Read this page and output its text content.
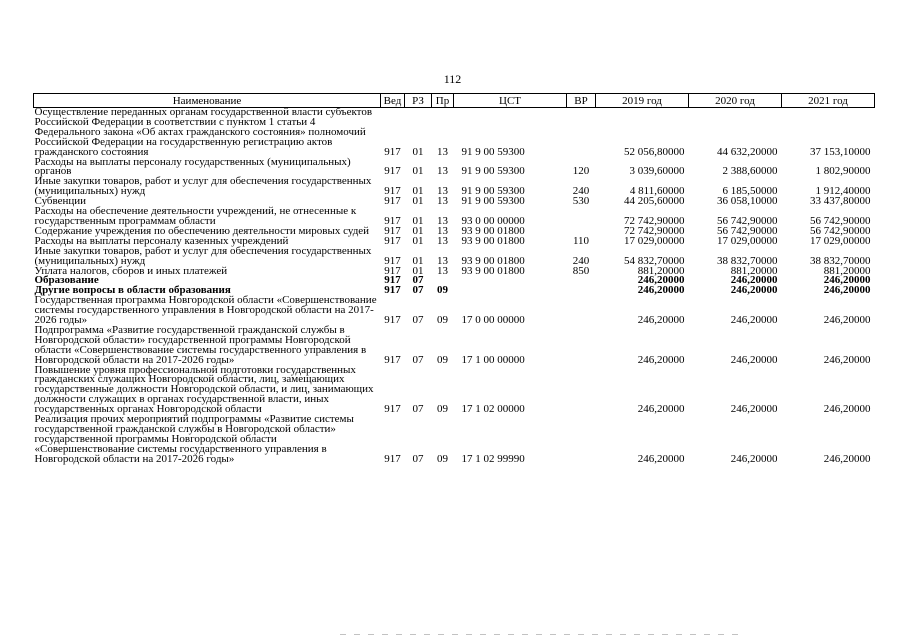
112
Наименование	Вед	РЗ	Пр	ЦСТ	ВР	2019 год	2020 год	2021 год
Осуществление переданных органам государственной власти субъектов Российской Федерации в соответствии с пунктом 1 статьи 4 Федерального закона «Об актах гражданского состояния» полномочий Российской Федерации на государственную регистрацию актов гражданского состояния	917	01	13	91 9 00 59300		52 056,80000	44 632,20000	37 153,10000
Расходы на выплаты персоналу государственных (муниципальных) органов	917	01	13	91 9 00 59300	120	3 039,60000	2 388,60000	1 802,90000
Иные закупки товаров, работ и услуг для обеспечения государственных (муниципальных) нужд	917	01	13	91 9 00 59300	240	4 811,60000	6 185,50000	1 912,40000
Субвенции	917	01	13	91 9 00 59300	530	44 205,60000	36 058,10000	33 437,80000
Расходы на обеспечение деятельности учреждений, не отнесенные к государственным программам области	917	01	13	93 0 00 00000		72 742,90000	56 742,90000	56 742,90000
Содержание учреждения по обеспечению деятельности мировых судей	917	01	13	93 9 00 01800		72 742,90000	56 742,90000	56 742,90000
Расходы на выплаты персоналу казенных учреждений	917	01	13	93 9 00 01800	110	17 029,00000	17 029,00000	17 029,00000
Иные закупки товаров, работ и услуг для обеспечения государственных (муниципальных) нужд	917	01	13	93 9 00 01800	240	54 832,70000	38 832,70000	38 832,70000
Уплата налогов, сборов и иных платежей	917	01	13	93 9 00 01800	850	881,20000	881,20000	881,20000
Образование	917	07				246,20000	246,20000	246,20000
Другие вопросы в области образования	917	07	09			246,20000	246,20000	246,20000
Государственная программа Новгородской области «Совершенствование системы государственного управления в Новгородской области на 2017-2026 годы»	917	07	09	17 0 00 00000		246,20000	246,20000	246,20000
Подпрограмма «Развитие государственной гражданской службы в Новгородской области» государственной программы Новгородской области «Совершенствование системы государственного управления в Новгородской области на 2017-2026 годы»	917	07	09	17 1 00 00000		246,20000	246,20000	246,20000
Повышение уровня профессиональной подготовки государственных гражданских служащих Новгородской области, лиц, замещающих государственные должности Новгородской области, и лиц, занимающих должности служащих в органах государственной власти, иных государственных органах Новгородской области	917	07	09	17 1 02 00000		246,20000	246,20000	246,20000
Реализация прочих мероприятий подпрограммы «Развитие системы государственной гражданской службы в Новгородской области» государственной программы Новгородской области «Совершенствование системы государственного управления в Новгородской области на 2017-2026 годы»	917	07	09	17 1 02 99990		246,20000	246,20000	246,20000
